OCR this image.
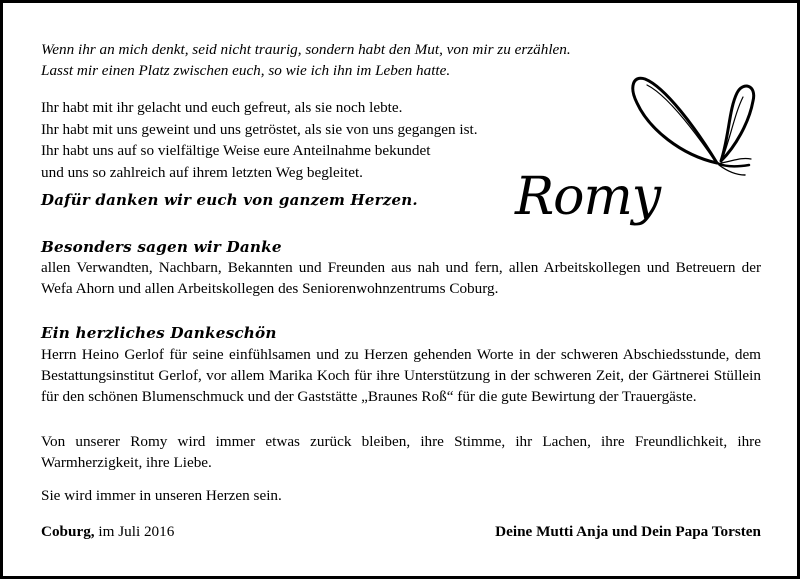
Wenn ihr an mich denkt, seid nicht traurig, sondern habt den Mut, von mir zu erzählen.

Lasst mir einen Platz zwischen euch, so wie ich ihn im Leben hatte.

Ihr habt mit ihr gelacht und euch gefreut, als sie noch lebte.
Ihr habt mit uns geweint und uns getröstet, als sie von uns gegangen ist.
Ihr habt uns auf so vielfältige Weise eure Anteilnahme bekundet
und uns so zahlreich auf ihrem letzten Weg begleitet.
Dafür danken wir euch von ganzem Herzen. Romy
Besonders sagen wir Danke
allen Verwandten, Nachbarn, Bekannten und Freunden aus nah und fern, allen Arbeitskollegen und Betreuern der Wefa Ahorn und allen Arbeitskollegen des Seniorenwohnzentrums Coburg.
Ein herzliches Dankeschön
Herrn Heino Gerlof für seine einfühlsamen und zu Herzen gehenden Worte in der schweren Abschiedsstunde, dem Bestattungsinstitut Gerlof, vor allem Marika Koch für ihre Unterstützung in der schweren Zeit, der Gärtnerei Stüllein für den schönen Blumenschmuck und der Gaststätte „Braunes Roß“ für die gute Bewirtung der Trauergäste.
Von unserer Romy wird immer etwas zurück bleiben, ihre Stimme, ihr Lachen, ihre Freundlichkeit, ihre Warmherzigkeit, ihre Liebe.
Sie wird immer in unseren Herzen sein.
Coburg, im Juli 2016	Deine Mutti Anja und Dein Papa Torsten
